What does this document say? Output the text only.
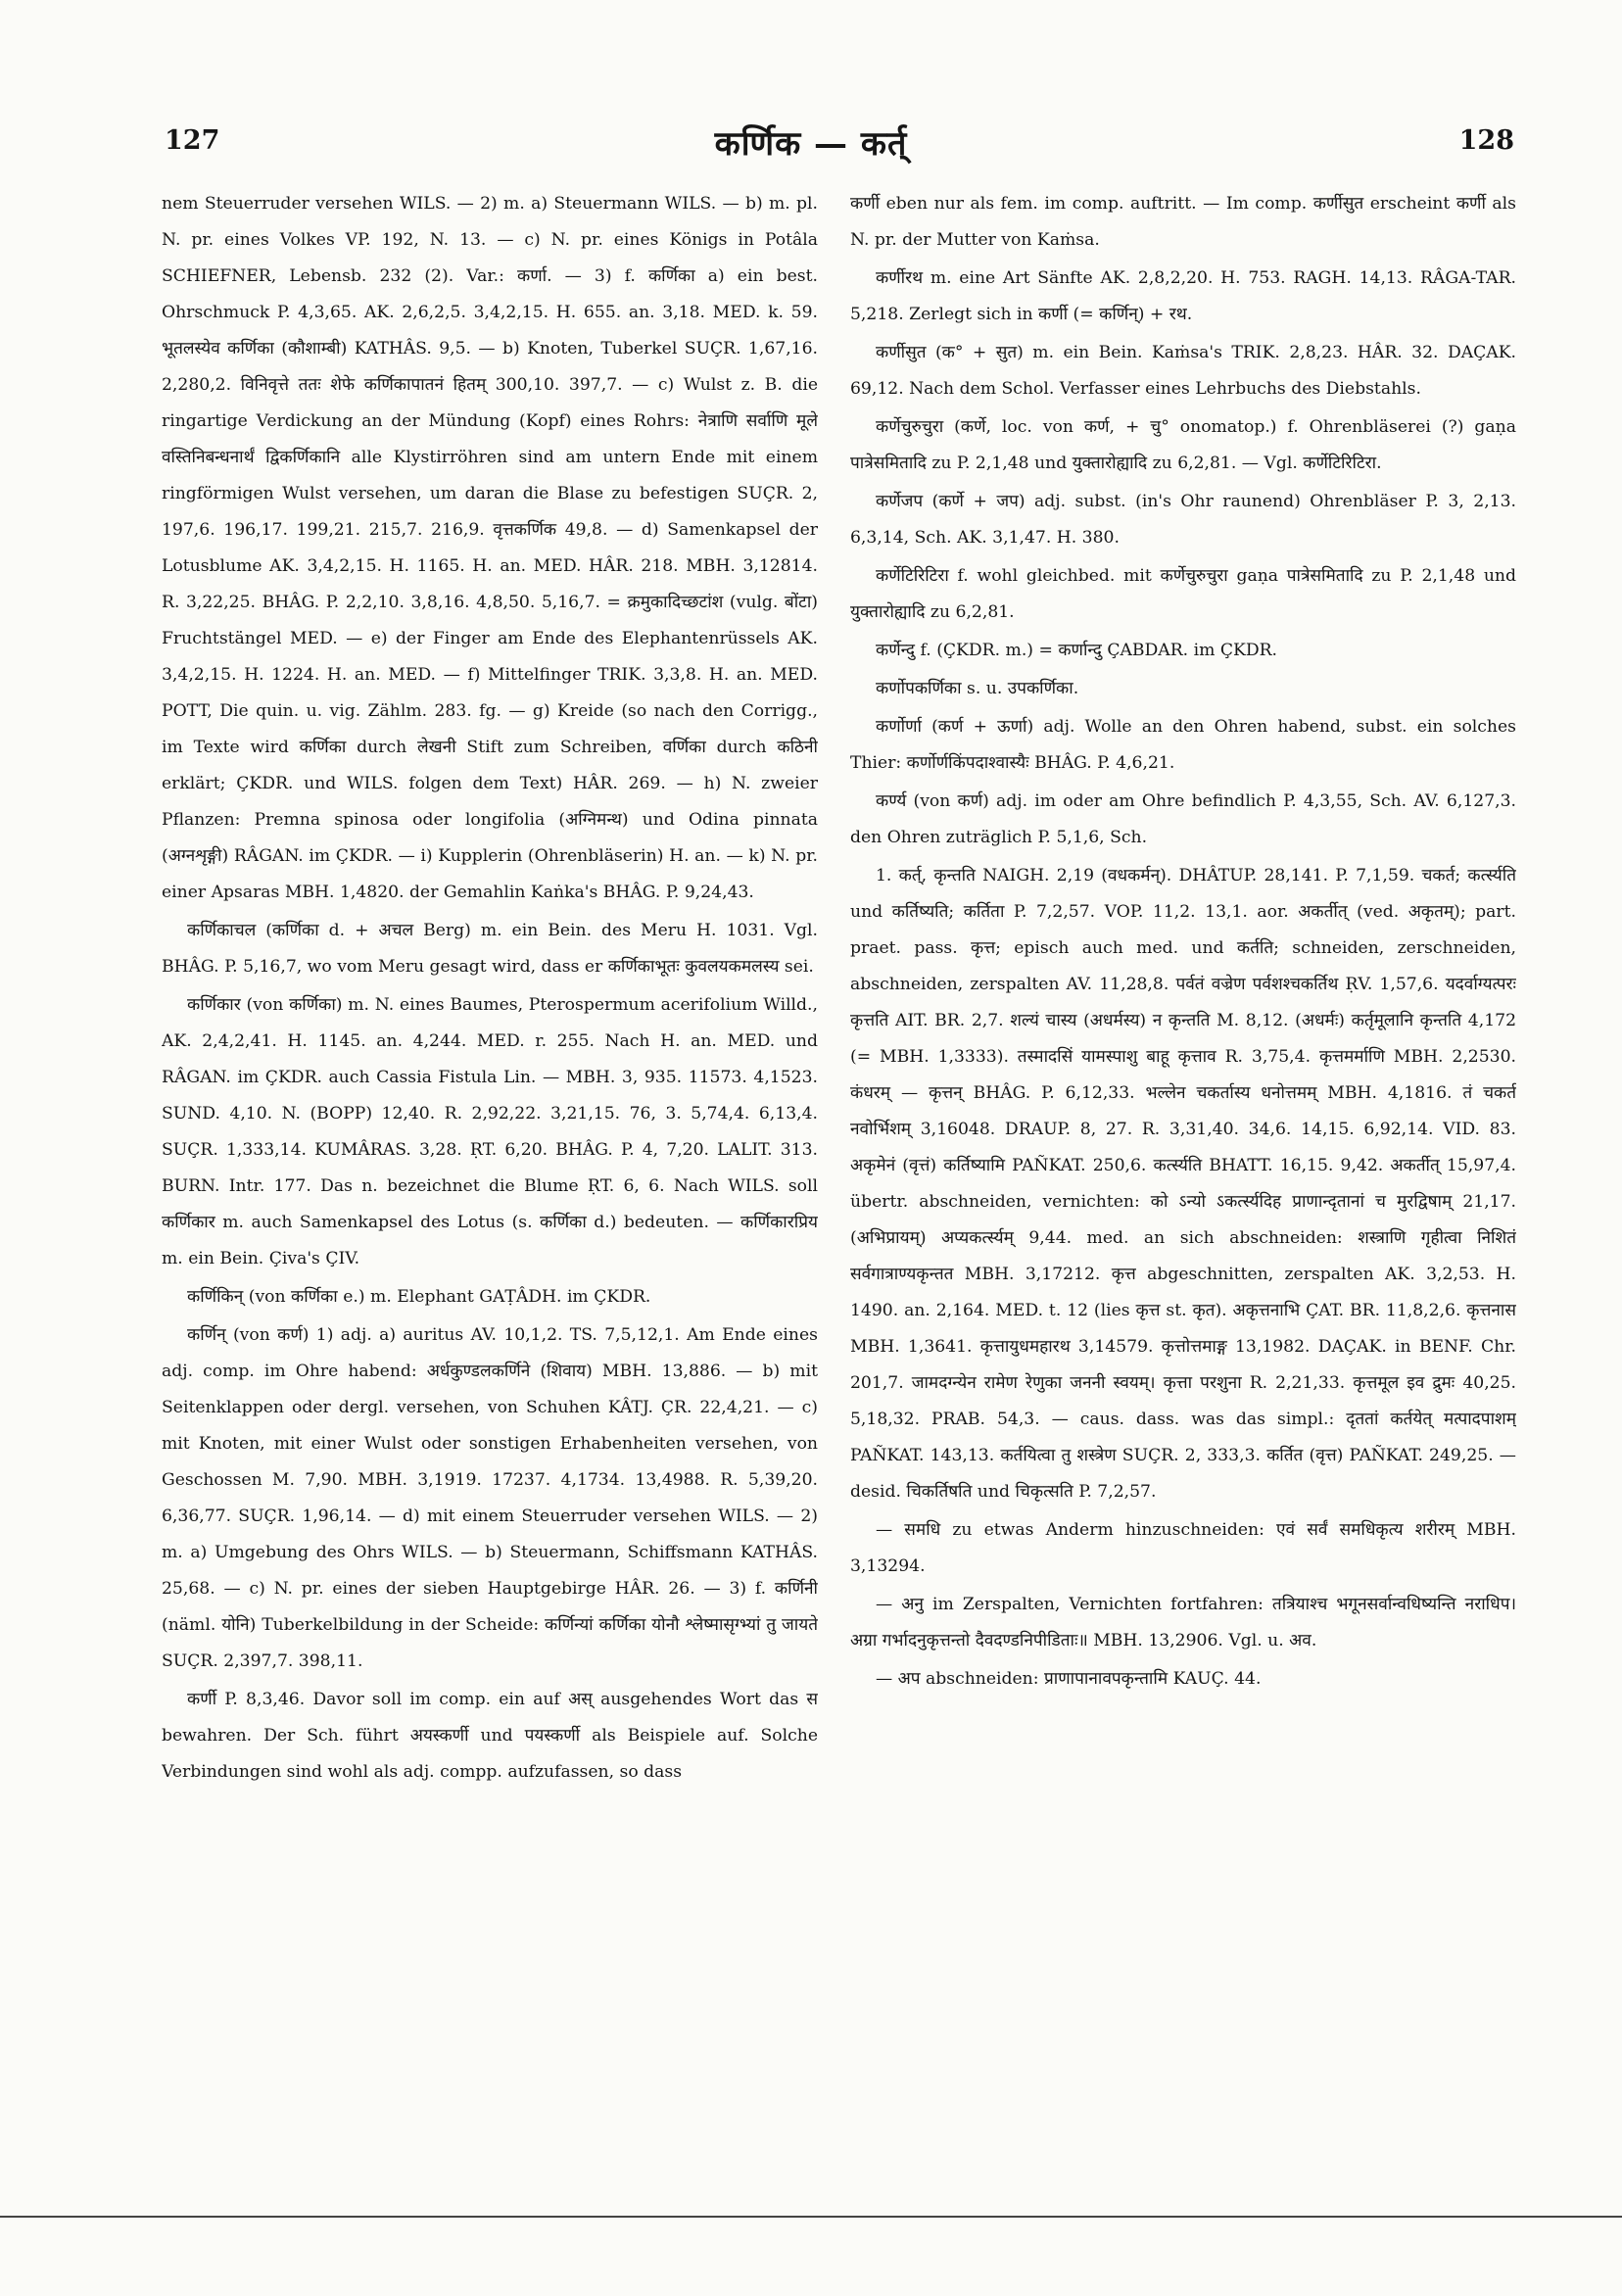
127	कर्णिक — कर्त्	128

nem Steuerruder versehen WILS. — 2) m. a) Steuermann WILS. — b) m. pl. N. pr. eines Volkes VP. 192, N. 13. — c) N. pr. eines Königs in Potâla SCHIEFNER, Lebensb. 232 (2). Var.: कर्णा. — 3) f. कर्णिका a) ein best. Ohrschmuck P. 4,3,65. AK. 2,6,2,5. 3,4,2,15. H. 655. an. 3,18. MED. k. 59. भूतलस्येव कर्णिका (कौशाम्बी) KATHÂS. 9,5. — b) Knoten, Tuberkel SUÇR. 1,67,16. 2,280,2. विनिवृत्ते ततः शेफे कर्णिकापातनं हितम् 300,10. 397,7. — c) Wulst z. B. die ringartige Verdickung an der Mündung (Kopf) eines Rohrs: नेत्राणि सर्वाणि मूले वस्तिनिबन्धनार्थं द्विकर्णिकानि alle Klystirröhren sind am untern Ende mit einem ringförmigen Wulst versehen, um daran die Blase zu befestigen SUÇR. 2, 197,6. 196,17. 199,21. 215,7. 216,9. वृत्तकर्णिक 49,8. — d) Samenkapsel der Lotusblume AK. 3,4,2,15. H. 1165. H. an. MED. HÂR. 218. MBH. 3,12814. R. 3,22,25. BHÂG. P. 2,2,10. 3,8,16. 4,8,50. 5,16,7. = क्रमुकादिच्छटांश (vulg. बोंटा) Fruchtstängel MED. — e) der Finger am Ende des Elephantenrüssels AK. 3,4,2,15. H. 1224. H. an. MED. — f) Mittelfinger TRIK. 3,3,8. H. an. MED. POTT, Die quin. u. vig. Zählm. 283. fg. — g) Kreide (so nach den Corrigg., im Texte wird कर्णिका durch लेखनी Stift zum Schreiben, वर्णिका durch कठिनी erklärt; ÇKDR. und WILS. folgen dem Text) HÂR. 269. — h) N. zweier Pflanzen: Premna spinosa oder longifolia (अग्निमन्थ) und Odina pinnata (अग्नशृङ्गी) RÂGAN. im ÇKDR. — i) Kupplerin (Ohrenbläserin) H. an. — k) N. pr. einer Apsaras MBH. 1,4820. der Gemahlin Kaṅka's BHÂG. P. 9,24,43.

कर्णिकाचल (कर्णिका d. + अचल Berg) m. ein Bein. des Meru H. 1031. Vgl. BHÂG. P. 5,16,7, wo vom Meru gesagt wird, dass er कर्णिकाभूतः कुवलयकमलस्य sei.

कर्णिकार (von कर्णिका) m. N. eines Baumes, Pterospermum acerifolium Willd., AK. 2,4,2,41. H. 1145. an. 4,244. MED. r. 255. Nach H. an. MED. und RÂGAN. im ÇKDR. auch Cassia Fistula Lin. — MBH. 3, 935. 11573. 4,1523. SUND. 4,10. N. (BOPP) 12,40. R. 2,92,22. 3,21,15. 76, 3. 5,74,4. 6,13,4. SUÇR. 1,333,14. KUMÂRAS. 3,28. ṚT. 6,20. BHÂG. P. 4, 7,20. LALIT. 313. BURN. Intr. 177. Das n. bezeichnet die Blume ṚT. 6, 6. Nach WILS. soll कर्णिकार m. auch Samenkapsel des Lotus (s. कर्णिका d.) bedeuten. — कर्णिकारप्रिय m. ein Bein. Çiva's ÇIV.

कर्णिकिन् (von कर्णिका e.) m. Elephant GAṬÂDH. im ÇKDR.

कर्णिन् (von कर्ण) 1) adj. a) auritus AV. 10,1,2. TS. 7,5,12,1. Am Ende eines adj. comp. im Ohre habend: अर्धकुण्डलकर्णिने (शिवाय) MBH. 13,886. — b) mit Seitenklappen oder dergl. versehen, von Schuhen KÂTJ. ÇR. 22,4,21. — c) mit Knoten, mit einer Wulst oder sonstigen Erhabenheiten versehen, von Geschossen M. 7,90. MBH. 3,1919. 17237. 4,1734. 13,4988. R. 5,39,20. 6,36,77. SUÇR. 1,96,14. — d) mit einem Steuerruder versehen WILS. — 2) m. a) Umgebung des Ohrs WILS. — b) Steuermann, Schiffsmann KATHÂS. 25,68. — c) N. pr. eines der sieben Hauptgebirge HÂR. 26. — 3) f. कर्णिनी (näml. योनि) Tuberkelbildung in der Scheide: कर्णिन्यां कर्णिका योनौ श्लेष्मासृग्भ्यां तु जायते SUÇR. 2,397,7. 398,11.

कर्णी P. 8,3,46. Davor soll im comp. ein auf अस् ausgehendes Wort das स bewahren. Der Sch. führt अयस्कर्णी und पयस्कर्णी als Beispiele auf. Solche Verbindungen sind wohl als adj. compp. aufzufassen, so dass

कर्णी eben nur als fem. im comp. auftritt. — Im comp. कर्णीसुत erscheint कर्णी als N. pr. der Mutter von Kaṁsa.

कर्णीरथ m. eine Art Sänfte AK. 2,8,2,20. H. 753. RAGH. 14,13. RÂGA-TAR. 5,218. Zerlegt sich in कर्णी (= कर्णिन्) + रथ.

कर्णीसुत (क° + सुत) m. ein Bein. Kaṁsa's TRIK. 2,8,23. HÂR. 32. DAÇAK. 69,12. Nach dem Schol. Verfasser eines Lehrbuchs des Diebstahls.

कर्णेचुरुचुरा (कर्णे, loc. von कर्ण, + चु° onomatop.) f. Ohrenbläserei (?) gaṇa पात्रेसमितादि zu P. 2,1,48 und युक्तारोह्यादि zu 6,2,81. — Vgl. कर्णेटिरिटिरा.

कर्णेजप (कर्णे + जप) adj. subst. (in's Ohr raunend) Ohrenbläser P. 3, 2,13. 6,3,14, Sch. AK. 3,1,47. H. 380.

कर्णेटिरिटिरा f. wohl gleichbed. mit कर्णेचुरुचुरा gaṇa पात्रेसमितादि zu P. 2,1,48 und युक्तारोह्यादि zu 6,2,81.

कर्णेन्दु f. (ÇKDR. m.) = कर्णान्दु ÇABDAR. im ÇKDR.

कर्णोपकर्णिका s. u. उपकर्णिका.

कर्णोर्णा (कर्ण + ऊर्णा) adj. Wolle an den Ohren habend, subst. ein solches Thier: कर्णोर्णकिंपदाश्वास्यैः BHÂG. P. 4,6,21.

कर्ण्य (von कर्ण) adj. im oder am Ohre befindlich P. 4,3,55, Sch. AV. 6,127,3. den Ohren zuträglich P. 5,1,6, Sch.

1. कर्त्, कृन्तति NAIGH. 2,19 (वधकर्मन्). DHÂTUP. 28,141. P. 7,1,59. चकर्त; कर्त्स्यति und कर्तिष्यति; कर्तिता P. 7,2,57. VOP. 11,2. 13,1. aor. अकर्तीत् (ved. अकृतम्); part. praet. pass. कृत्त; episch auch med. und कर्तति; schneiden, zerschneiden, abschneiden, zerspalten AV. 11,28,8. पर्वतं वज्रेण पर्वशश्चकर्तिथ ṚV. 1,57,6. यदर्वाग्यत्परः कृत्तति AIT. BR. 2,7. शल्यं चास्य (अधर्मस्य) न कृन्तति M. 8,12. (अधर्मः) कर्तृमूलानि कृन्तति 4,172 (= MBH. 1,3333). तस्मादसिं यामस्पाशु बाहू कृत्ताव R. 3,75,4. कृत्तमर्माणि MBH. 2,2530. कंधरम् — कृत्तन् BHÂG. P. 6,12,33. भल्लेन चकर्तास्य धनोत्तमम् MBH. 4,1816. तं चकर्त नवोर्भिशम् 3,16048. DRAUP. 8, 27. R. 3,31,40. 34,6. 14,15. 6,92,14. VID. 83. अकृमेनं (वृत्तं) कर्तिष्यामि PAÑKAT. 250,6. कर्त्स्यति BHATT. 16,15. 9,42. अकर्तीत् 15,97,4. übertr. abschneiden, vernichten: को ऽन्यो ऽकर्त्स्यदिह प्राणान्दृतानां च मुरद्विषाम् 21,17. (अभिप्रायम्) अप्यकर्त्स्यम् 9,44. med. an sich abschneiden: शस्त्राणि गृहीत्वा निशितं सर्वगात्राण्यकृन्तत MBH. 3,17212. कृत्त abgeschnitten, zerspalten AK. 3,2,53. H. 1490. an. 2,164. MED. t. 12 (lies कृत्त st. कृत). अकृत्तनाभि ÇAT. BR. 11,8,2,6. कृत्तनास MBH. 1,3641. कृत्तायुधमहारथ 3,14579. कृत्तोत्तमाङ्ग 13,1982. DAÇAK. in BENF. Chr. 201,7. जामदग्न्येन रामेण रेणुका जननी स्वयम्। कृत्ता परशुना R. 2,21,33. कृत्तमूल इव द्रुमः 40,25. 5,18,32. PRAB. 54,3. — caus. dass. was das simpl.: दृततां कर्तयेत् मत्पादपाशम् PAÑKAT. 143,13. कर्तयित्वा तु शस्त्रेण SUÇR. 2, 333,3. कर्तित (वृत्त) PAÑKAT. 249,25. — desid. चिकर्तिषति und चिकृत्सति P. 7,2,57.

— समधि zu etwas Anderm hinzuschneiden: एवं सर्वं समधिकृत्य शरीरम् MBH. 3,13294.

— अनु im Zerspalten, Vernichten fortfahren: तत्रियाश्च भगूनसर्वान्वधिष्यन्ति नराधिप। अग्रा गर्भादनुकृत्तन्तो दैवदण्डनिपीडिताः॥ MBH. 13,2906. Vgl. u. अव.

— अप abschneiden: प्राणापानावपकृन्तामि KAUÇ. 44.
